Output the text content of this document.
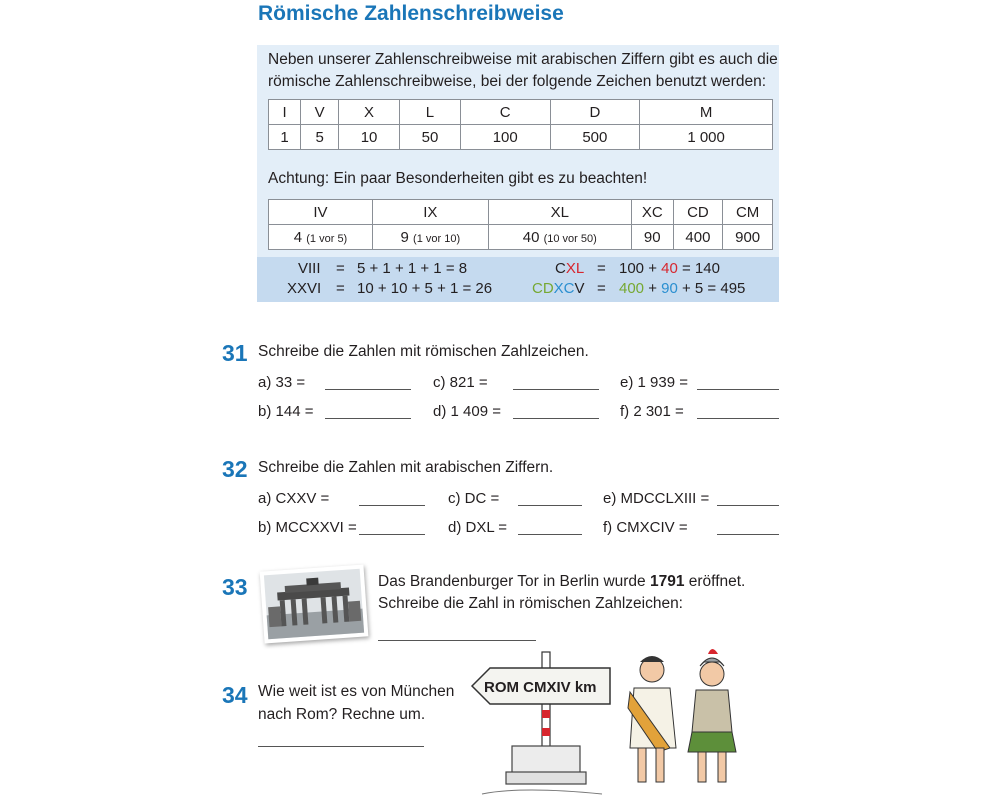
Römische Zahlenschreibweise
Neben unserer Zahlenschreibweise mit arabischen Ziffern gibt es auch die römische Zahlenschreibweise, bei der folgende Zeichen benutzt werden:
I	V	X	L	C	D	M
1	5	10	50	100	500	1 000
Achtung: Ein paar Besonderheiten gibt es zu beachten!
IV	IX	XL	XC	CD	CM
4 (1 vor 5)	9 (1 vor 10)	40 (10 vor 50)	90	400	900
VIII = 5 + 1 + 1 + 1 = 8
XXVI = 10 + 10 + 5 + 1 = 26
CXL = 100 + 40 = 140
CDXCV = 400 + 90 + 5 = 495
31 Schreibe die Zahlen mit römischen Zahlzeichen.
a) 33 =	c) 821 =	e) 1 939 =
b) 144 =	d) 1 409 =	f) 2 301 =
32 Schreibe die Zahlen mit arabischen Ziffern.
a) CXXV =	c) DC =	e) MDCCLXIII =
b) MCCXXVI =	d) DXL =	f) CMXCIV =
33	Das Brandenburger Tor in Berlin wurde 1791 eröffnet.
Schreibe die Zahl in römischen Zahlzeichen:
34 Wie weit ist es von München
nach Rom? Rechne um.
ROM CMXIV km
